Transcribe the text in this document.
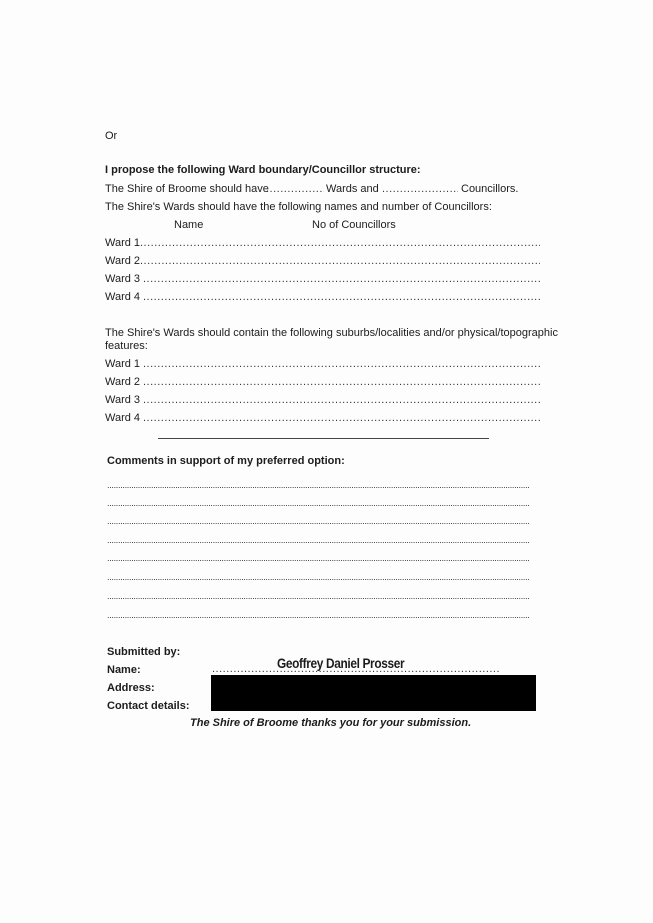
Or
I propose the following Ward boundary/Councillor structure:
The Shire of Broome should have .....	Wards and .....	Councillors.
The Shire's Wards should have the following names and number of Councillors:
Name	No of Councillors
Ward 1
.....
Ward 2
.....
Ward 3
.....
Ward 4
.....
The Shire's Wards should contain the following suburbs/localities and/or physical/topographic
features:
Ward 1
.....
Ward 2
.....
Ward 3
.....
Ward 4
.....
Comments in support of my preferred option:
.....
.....
.....
.....
.....
.....
.....
.....
Submitted by:
Name: .....	Geoffrey Daniel Prosser
Address:
Contact details:
The Shire of Broome thanks you for your submission.
